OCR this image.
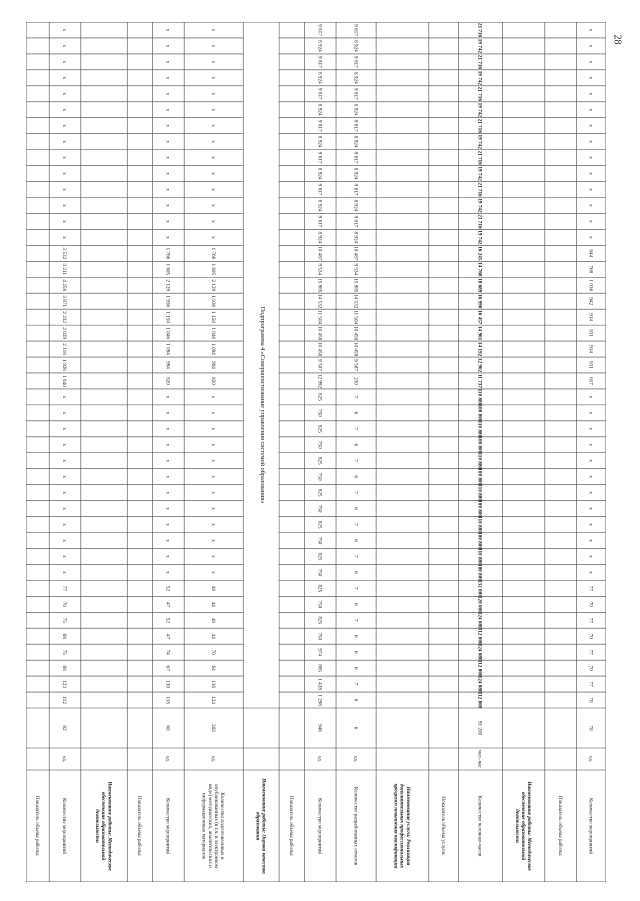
28
Показатель объема работы:	Количество мероприятий	Наименование работы: Методическоеобеспечение образовательнойдеятельности	Показатель объема работы:	Количество мероприятий	Количество подготовленных иопубликованных (в т.ч. в электронномвиде) методических, аналитических иинформационных материалов	Наименование работы: Оценка качестваобразования	Показатель объема работы:	Количество мероприятий	Количество разработанных отчетов	Наименование услуги: Реализациядополнительных профессиональныхпрограмм повышения квалификации	Показатель объема услуги:	Количество человеко-часов	Наименование работы: Методическоеобеспечение образовательнойдеятельности	Показатель объема работы:	Количество мероприятий
ед.	ед.	ед.	ед.	ед.	чел.-час	ед.
82	60	202	946	6	91 200	70
112	118	124	1 298	6	112 800	70
123	130	136	1 428	7	124 080	77
68	67	64	885	6	112 800	70
75	74	70	974	6	124 080	77
68	47	44	750	6	112 800	70
75	52	48	825	7	124 080	77
70	47	44	750	6	120 000	70
77	52	48	825	7	132 000	77
х	х	х	750	6	100 800	х
х	х	х	825	7	110 880	х
х	х	х	750	6	100 800	х
х	х	х	825	7	110 880	х
х	х	х	750	6	100 800	х
х	х	х	825	7	110 880	х
х	х	х	750	6	100 800	х
х	х	х	825	7	110 880	х
х	х	х	750	6	100 800	х
х	х	х	825	7	110 880	х
х	х	х	750	6	100 800	х
х	х	х	825	7	110 880	х
1 640	820	820	12 992	230	11 737	617
1 926	994	994	9 507	9 507	12 902	831
2 118	1 094	1 094	10 458	10 458	14 192	914
2 029	1 046	1 046	10 458	10 458	14 961	831
2 232	1 150	1 150	11 504	11 504	16 457	914
3 871	1 936	1 936	14 532	14 532	16 990	942
4 258	2 129	2 129	15 985	15 985	18 689	1 036
3 211	1 605	1 605	9 534	9 534	14 768	768
3 532	1 766	1 766	10 487	10 487	16 245	844
х	х	х	8 924	8 924	19 742	х
х	х	х	9 817	9 817	21 716	х
х	х	х	8 924	8 924	19 742	х
х	х	х	9 817	9 817	21 716	х
х	х	х	8 924	8 924	19 742	х
х	х	х	9 817	9 817	21 716	х
х	х	х	8 924	8 924	19 742	х
х	х	х	9 817	9 817	21 716	х
х	х	х	8 924	8 924	19 742	х
х	х	х	9 817	9 817	21 716	х
х	х	х	8 924	8 924	19 742	х
х	х	х	9 817	9 817	21 716	х
х	х	х	8 924	8 924	19 742	х
х	х	х	9 817	9 817	21 716	х
Подпрограмма 4 «Совершенствование управления системой образования»
